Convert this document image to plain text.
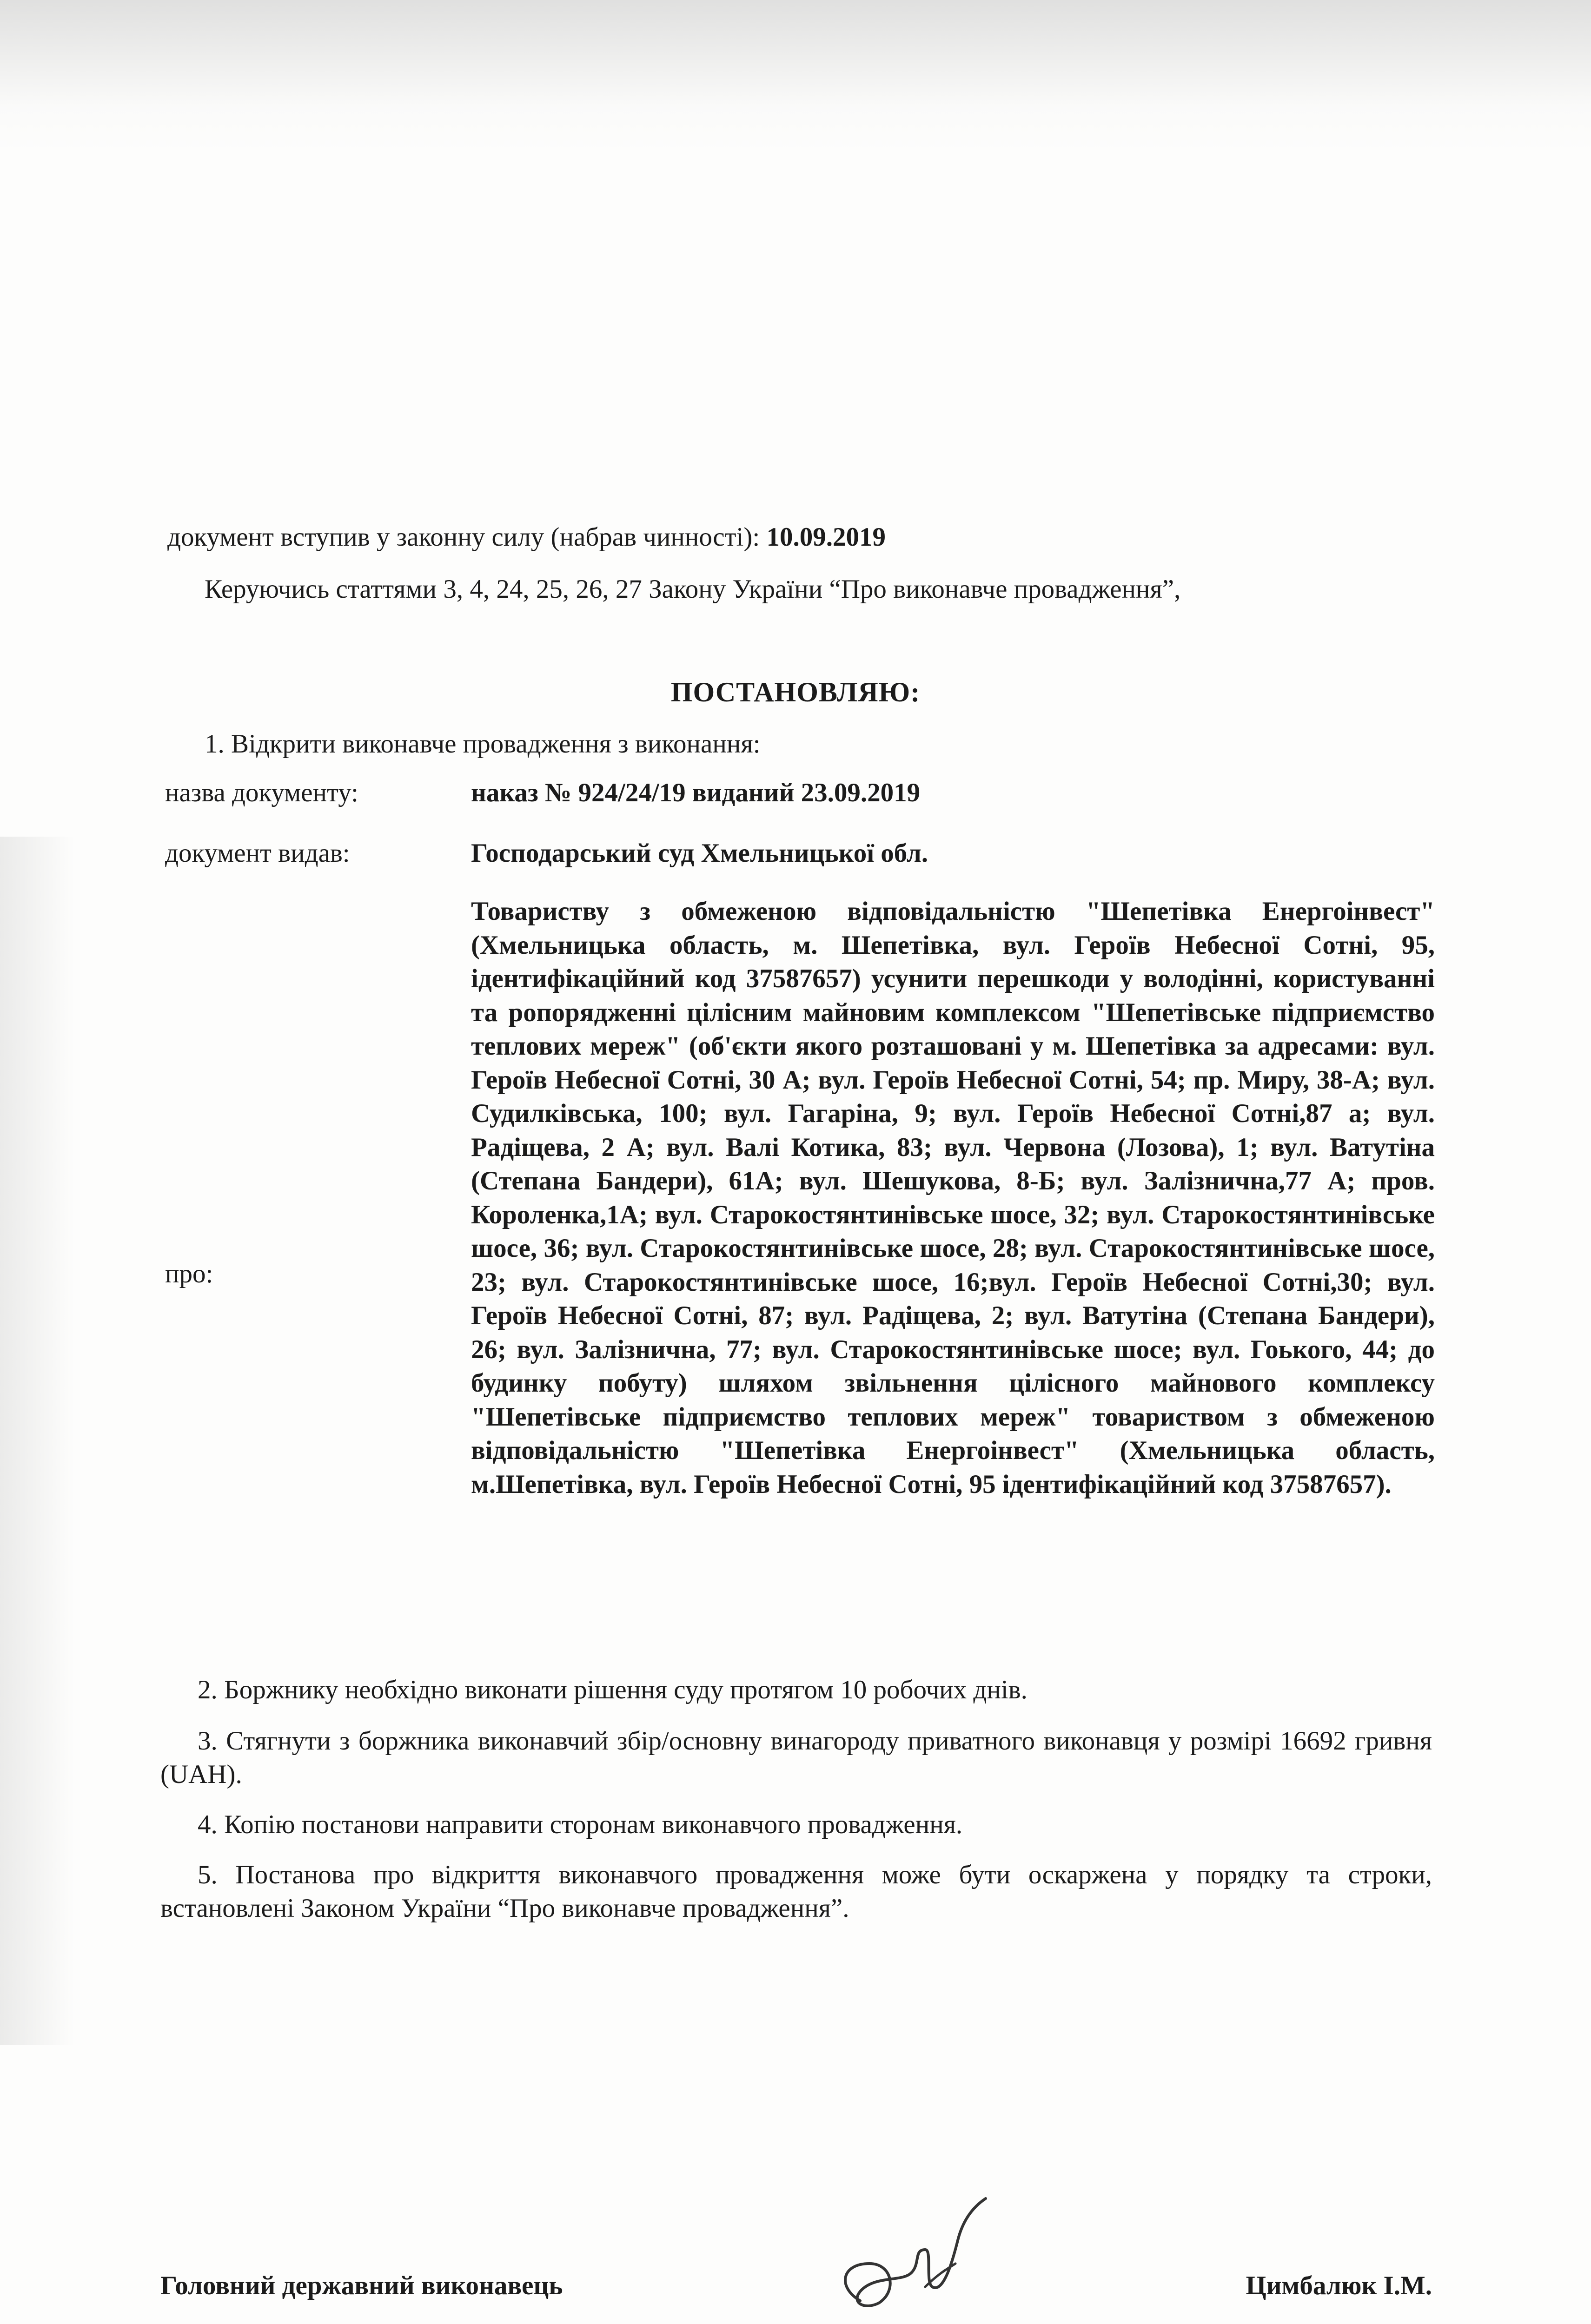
документ вступив у законну силу (набрав чинності): 10.09.2019
Керуючись статтями 3, 4, 24, 25, 26, 27 Закону України “Про виконавче провадження”,
ПОСТАНОВЛЯЮ:
1. Відкрити виконавче провадження з виконання:
назва документу:	наказ № 924/24/19 виданий 23.09.2019
документ видав:	Господарський суд Хмельницької обл.
про:
Товариству з обмеженою відповідальністю "Шепетівка Енергоінвест" (Хмельницька область, м. Шепетівка, вул. Героїв Небесної Сотні, 95, ідентифікаційний код 37587657) усунити перешкоди у володінні, користуванні та ропорядженні цілісним майновим комплексом "Шепетівське підприємство теплових мереж" (об'єкти якого розташовані у м. Шепетівка за адресами: вул. Героїв Небесної Сотні, 30 А; вул. Героїв Небесної Сотні, 54; пр. Миру, 38-А; вул. Судилківська, 100; вул. Гагаріна, 9; вул. Героїв Небесної Сотні,87 а; вул. Радіщева, 2 А; вул. Валі Котика, 83; вул. Червона (Лозова), 1; вул. Ватутіна (Степана Бандери), 61А; вул. Шешукова, 8-Б; вул. Залізнична,77 А; пров. Короленка,1А; вул. Старокостянтинівське шосе, 32; вул. Старокостянтинівське шосе, 36; вул. Старокостянтинівське шосе, 28; вул. Старокостянтинівське шосе, 23; вул. Старокостянтинівське шосе, 16;вул. Героїв Небесної Сотні,30; вул. Героїв Небесної Сотні, 87; вул. Радіщева, 2; вул. Ватутіна (Степана Бандери), 26; вул. Залізнична, 77; вул. Старокостянтинівське шосе; вул. Гоького, 44; до будинку побуту) шляхом звільнення цілісного майнового комплексу "Шепетівське підприємство теплових мереж" товариством з обмеженою відповідальністю "Шепетівка Енергоінвест" (Хмельницька область, м.Шепетівка, вул. Героїв Небесної Сотні, 95 ідентифікаційний код 37587657).
2. Боржнику необхідно виконати рішення суду протягом 10 робочих днів.
3. Стягнути з боржника виконавчий збір/основну винагороду приватного виконавця у розмірі 16692 гривня (UAH).
4. Копію постанови направити сторонам виконавчого провадження.
5. Постанова про відкриття виконавчого провадження може бути оскаржена у порядку та строки, встановлені Законом України “Про виконавче провадження”.
Головний державний виконавець	Цимбалюк І.М.
